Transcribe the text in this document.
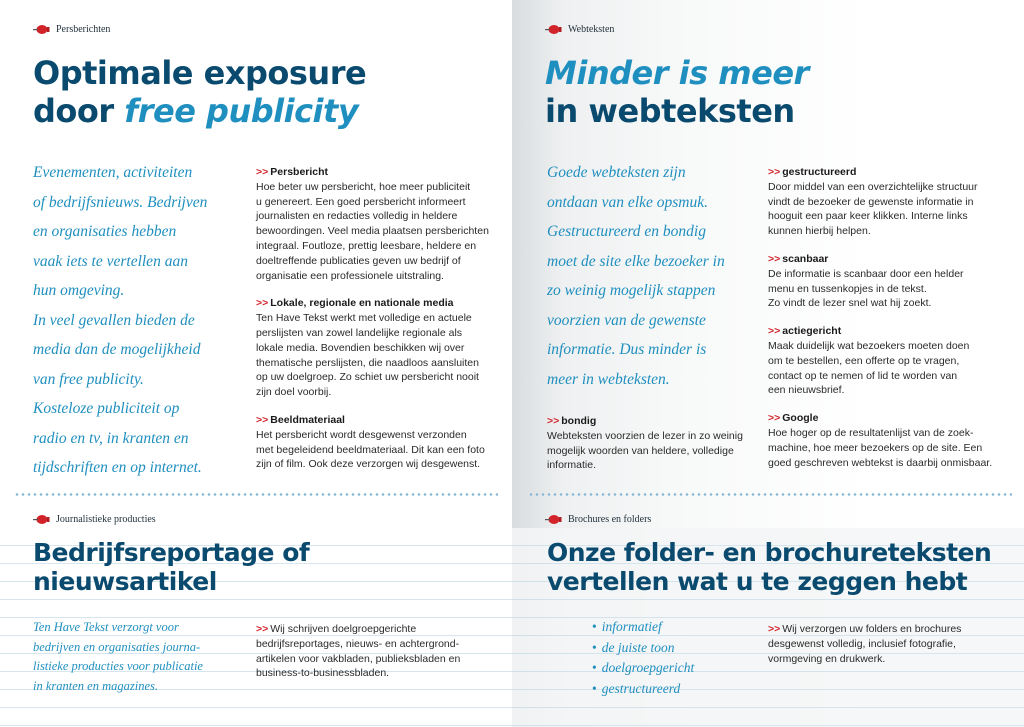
Persberichten
Optimale exposure
door free publicity
Evenementen, activiteiten
of bedrijfsnieuws. Bedrijven
en organisaties hebben
vaak iets te vertellen aan
hun omgeving.
In veel gevallen bieden de
media dan de mogelijkheid
van free publicity.
Kosteloze publiciteit op
radio en tv, in kranten en
tijdschriften en op internet.
>> Persbericht
Hoe beter uw persbericht, hoe meer publiciteit
u genereert. Een goed persbericht informeert
journalisten en redacties volledig in heldere
bewoordingen. Veel media plaatsen persberichten
integraal. Foutloze, prettig leesbare, heldere en
doeltreffende publicaties geven uw bedrijf of
organisatie een professionele uitstraling.
>> Lokale, regionale en nationale media
Ten Have Tekst werkt met volledige en actuele
perslijsten van zowel landelijke regionale als
lokale media. Bovendien beschikken wij over
thematische perslijsten, die naadloos aansluiten
op uw doelgroep. Zo schiet uw persbericht nooit
zijn doel voorbij.
>> Beeldmateriaal
Het persbericht wordt desgewenst verzonden
met begeleidend beeldmateriaal. Dit kan een foto
zijn of film. Ook deze verzorgen wij desgewenst.
Journalistieke producties
Bedrijfsreportage of
nieuwsartikel
Ten Have Tekst verzorgt voor
bedrijven en organisaties journa-
listieke producties voor publicatie
in kranten en magazines.
>> Wij schrijven doelgroepgerichte
bedrijfsreportages, nieuws- en achtergrond-
artikelen voor vakbladen, publieksbladen en
business-to-businessbladen.
Webteksten
Minder is meer
in webteksten
Goede webteksten zijn
ontdaan van elke opsmuk.
Gestructureerd en bondig
moet de site elke bezoeker in
zo weinig mogelijk stappen
voorzien van de gewenste
informatie. Dus minder is
meer in webteksten.
>> bondig
Webteksten voorzien de lezer in zo weinig
mogelijk woorden van heldere, volledige
informatie.
>> gestructureerd
Door middel van een overzichtelijke structuur
vindt de bezoeker de gewenste informatie in
hooguit een paar keer klikken. Interne links
kunnen hierbij helpen.
>> scanbaar
De informatie is scanbaar door een helder
menu en tussenkopjes in de tekst.
Zo vindt de lezer snel wat hij zoekt.
>> actiegericht
Maak duidelijk wat bezoekers moeten doen
om te bestellen, een offerte op te vragen,
contact op te nemen of lid te worden van
een nieuwsbrief.
>> Google
Hoe hoger op de resultatenlijst van de zoek-
machine, hoe meer bezoekers op de site. Een
goed geschreven webtekst is daarbij onmisbaar.
Brochures en folders
Onze folder- en brochureteksten
vertellen wat u te zeggen hebt
• informatief
• de juiste toon
• doelgroepgericht
• gestructureerd
>> Wij verzorgen uw folders en brochures
desgewenst volledig, inclusief fotografie,
vormgeving en drukwerk.
